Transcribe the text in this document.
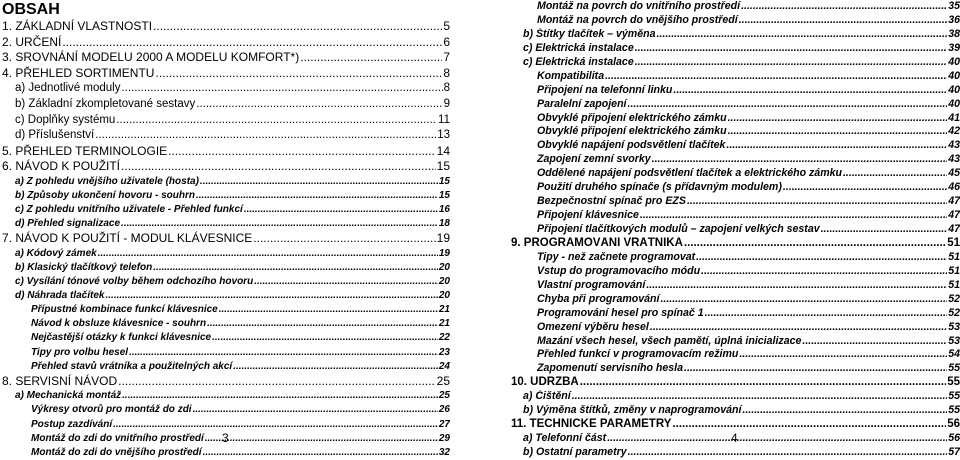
OBSAH
1. ZÁKLADNÍ VLASTNOSTI .....	5
2. URČENÍ .....	6
3. SROVNÁNÍ MODELU 2000 A MODELU KOMFORT*) .....	7
4. PŘEHLED SORTIMENTU .....	8
a) Jednotlivé moduly .....	8
b) Základní zkompletované sestavy .....	9
c) Doplňky systému .....	11
d) Příslušenství .....	13
5. PŘEHLED TERMINOLOGIE .....	14
6. NÁVOD K POUŽITÍ .....	15
a) Z pohledu vnějšího uživatele (hosta) .....	15
b) Způsoby ukončení hovoru - souhrn .....	15
c) Z pohledu vnitřního uživatele - Přehled funkcí .....	16
d) Přehled signalizace .....	18
7. NÁVOD K POUŽITÍ - MODUL KLÁVESNICE .....	19
a) Kódový zámek .....	19
b) Klasický tlačítkový telefon .....	20
c) Vysílání tónové volby během odchozího hovoru .....	20
d) Náhrada tlačítek .....	20
Přípustné kombinace funkcí klávesnice .....	21
Návod k obsluze klávesnice - souhrn .....	21
Nejčastější otázky k funkci klávesnice .....	22
Tipy pro volbu hesel .....	23
Přehled stavů vrátníka a použitelných akcí .....	24
8. SERVISNÍ NÁVOD .....	25
a) Mechanická montáž .....	25
Výkresy otvorů pro montáž do zdi .....	26
Postup zazdívání .....	27
Montáž do zdi do vnitřního prostředí .....	29
Montáž do zdi do vnějšího prostředí .....	32
Montáž na povrch do vnitřního prostředí .....	35
Montáž na povrch do vnějšího prostředí .....	36
b) Štítky tlačítek – výměna .....	38
c) Elektrická instalace .....	39
c) Elektrická instalace .....	40
Kompatibilita .....	40
Připojení na telefonní linku .....	40
Paralelní zapojení .....	40
Obvyklé připojení elektrického zámku .....	41
Obvyklé připojení elektrického zámku .....	42
Obvyklé napájení podsvětlení tlačítek .....	43
Zapojení zemní svorky .....	43
Oddělené napájení podsvětlení tlačítek a elektrického zámku .....	45
Použití druhého spínače (s přídavným modulem) .....	46
Bezpečnostní spínač pro EZS .....	47
Připojení klávesnice .....	47
Připojení tlačítkových modulů – zapojení velkých sestav .....	47
9. PROGRAMOVÁNÍ VRÁTNÍKA .....	51
Tipy - než začnete programovat .....	51
Vstup do programovacího módu .....	51
Vlastní programování .....	51
Chyba při programování .....	52
Programování hesel pro spínač 1 .....	52
Omezení výběru hesel .....	53
Mazání všech hesel, všech pamětí, úplná inicializace .....	53
Přehled funkcí v programovacím režimu .....	54
Zapomenutí servisního hesla .....	55
10. ÚDRŽBA .....	55
a) Čištění .....	55
b) Výměna štítků, změny v naprogramování .....	55
11. TECHNICKÉ PARAMETRY .....	56
a) Telefonní část .....	56
b) Ostatní parametry .....	57
3	4
